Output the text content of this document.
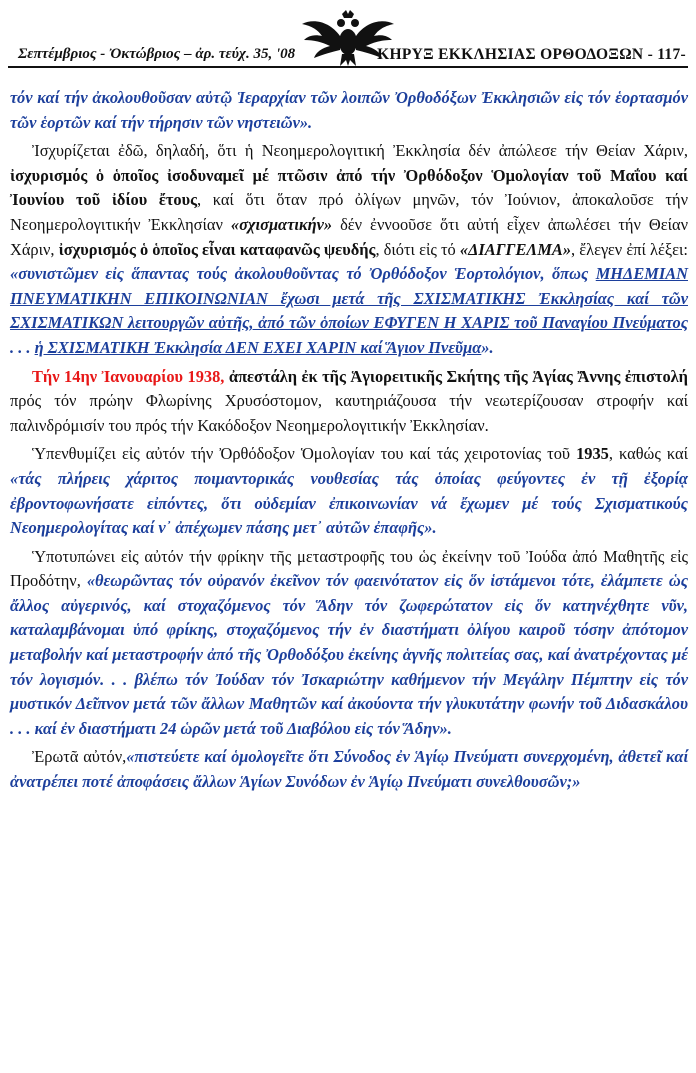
Σεπτέμβριος - Ὀκτώβριος – ἀρ. τεύχ. 35, '08	ΚΗΡΥΞ ΕΚΚΛΗΣΙΑΣ ΟΡΘΟΔΟΞΩΝ - 117-

τόν καί τήν ἀκολουθοῦσαν αὐτῷ Ἱεραρχίαν τῶν λοιπῶν Ὀρθοδόξων Ἐκκλησιῶν εἰς τόν ἑορτασμόν τῶν ἑορτῶν καί τήν τήρησιν τῶν νηστειῶν».

Ἰσχυρίζεται ἐδῶ, δηλαδή, ὅτι ἡ Νεοημερολογιτική Ἐκκλησία δέν ἀπώλεσε τήν Θείαν Χάριν, ἰσχυρισμός ὁ ὁποῖος ἰσοδυναμεῖ μέ πτῶσιν ἀπό τήν Ὀρθόδοξον Ὁμολογίαν τοῦ Μαΐου καί Ἰουνίου τοῦ ἰδίου ἔτους, καί ὅτι ὅταν πρό ὀλίγων μηνῶν, τόν Ἰούνιον, ἀποκαλοῦσε τήν Νεοημερολογιτικήν Ἐκκλησίαν «σχισματικήν» δέν ἐννοοῦσε ὅτι αὐτή εἶχεν ἀπωλέσει τήν Θείαν Χάριν, ἰσχυρισμός ὁ ὁποῖος εἶναι καταφανῶς ψευδής, διότι εἰς τό «ΔΙΑΓΓΕΛΜΑ», ἔλεγεν ἐπί λέξει: «συνιστῶμεν εἰς ἅπαντας τούς ἀκολουθοῦντας τό Ὀρθόδοξον Ἑορτολόγιον, ὅπως ΜΗΔΕΜΙΑΝ ΠΝΕΥΜΑΤΙΚΗΝ ΕΠΙΚΟΙΝΩΝΙΑΝ ἔχωσι μετά τῆς ΣΧΙΣΜΑΤΙΚΗΣ Ἐκκλησίας καί τῶν ΣΧΙΣΜΑΤΙΚΩΝ λειτουργῶν αὐτῆς, ἀπό τῶν ὁποίων ΕΦΥΓΕΝ Η ΧΑΡΙΣ τοῦ Παναγίου Πνεύματος . . . ἡ ΣΧΙΣΜΑΤΙΚΗ Ἐκκλησία ΔΕΝ ΕΧΕΙ ΧΑΡΙΝ καί Ἅγιον Πνεῦμα».

Τήν 14ην Ἰανουαρίου 1938, ἀπεστάλη ἐκ τῆς Ἁγιορειτικῆς Σκήτης τῆς Ἁγίας Ἄννης ἐπιστολή πρός τόν πρώην Φλωρίνης Χρυσόστομον, καυτηριάζουσα τήν νεωτερίζουσαν στροφήν καί παλινδρόμισίν του πρός τήν Κακόδοξον Νεοημερολογιτικήν Ἐκκλησίαν.

Ὑπενθυμίζει εἰς αὐτόν τήν Ὀρθόδοξον Ὁμολογίαν του καί τάς χειροτονίας τοῦ 1935, καθώς καί «τάς πλήρεις χάριτος ποιμαντορικάς νουθεσίας τάς ὁποίας φεύγοντες ἐν τῇ ἐξορίᾳ ἐβροντοφωνήσατε εἰπόντες, ὅτι οὐδεμίαν ἐπικοινωνίαν νά ἔχωμεν μέ τούς Σχισματικούς Νεοημερολογίτας καί ν᾽ ἀπέχωμεν πάσης μετ᾽ αὐτῶν ἐπαφῆς».

Ὑποτυπώνει εἰς αὐτόν τήν φρίκην τῆς μεταστροφῆς του ὡς ἐκείνην τοῦ Ἰούδα ἀπό Μαθητῆς εἰς Προδότην, «θεωρῶντας τόν οὐρανόν ἐκεῖνον τόν φαεινότατον εἰς ὅν ἱστάμενοι τότε, ἐλάμπετε ὡς ἄλλος αὐγερινός, καί στοχαζόμενος τόν Ἅδην τόν ζωφερώτατον εἰς ὅν κατηνέχθητε νῦν, καταλαμβάνομαι ὑπό φρίκης, στοχαζόμενος τήν ἐν διαστήματι ὀλίγου καιροῦ τόσην ἀπότομον μεταβολήν καί μεταστροφήν ἀπό τῆς Ὀρθοδόξου ἐκείνης ἁγνῆς πολιτείας σας, καί ἀνατρέχοντας μέ τόν λογισμόν. . . βλέπω τόν Ἰούδαν τόν Ἰσκαριώτην καθήμενον τήν Μεγάλην Πέμπτην εἰς τόν μυστικόν Δεῖπνον μετά τῶν ἄλλων Μαθητῶν καί ἀκούοντα τήν γλυκυτάτην φωνήν τοῦ Διδασκάλου . . . καί ἐν διαστήματι 24 ὡρῶν μετά τοῦ Διαβόλου εἰς τόν Ἅδην».

Ἐρωτᾶ αὐτόν,«πιστεύετε καί ὁμολογεῖτε ὅτι Σύνοδος ἐν Ἁγίῳ Πνεύματι συνερχομένη, ἀθετεῖ καί ἀνατρέπει ποτέ ἀποφάσεις ἄλλων Ἁγίων Συνόδων ἐν Ἁγίῳ Πνεύματι συνελθουσῶν;»
